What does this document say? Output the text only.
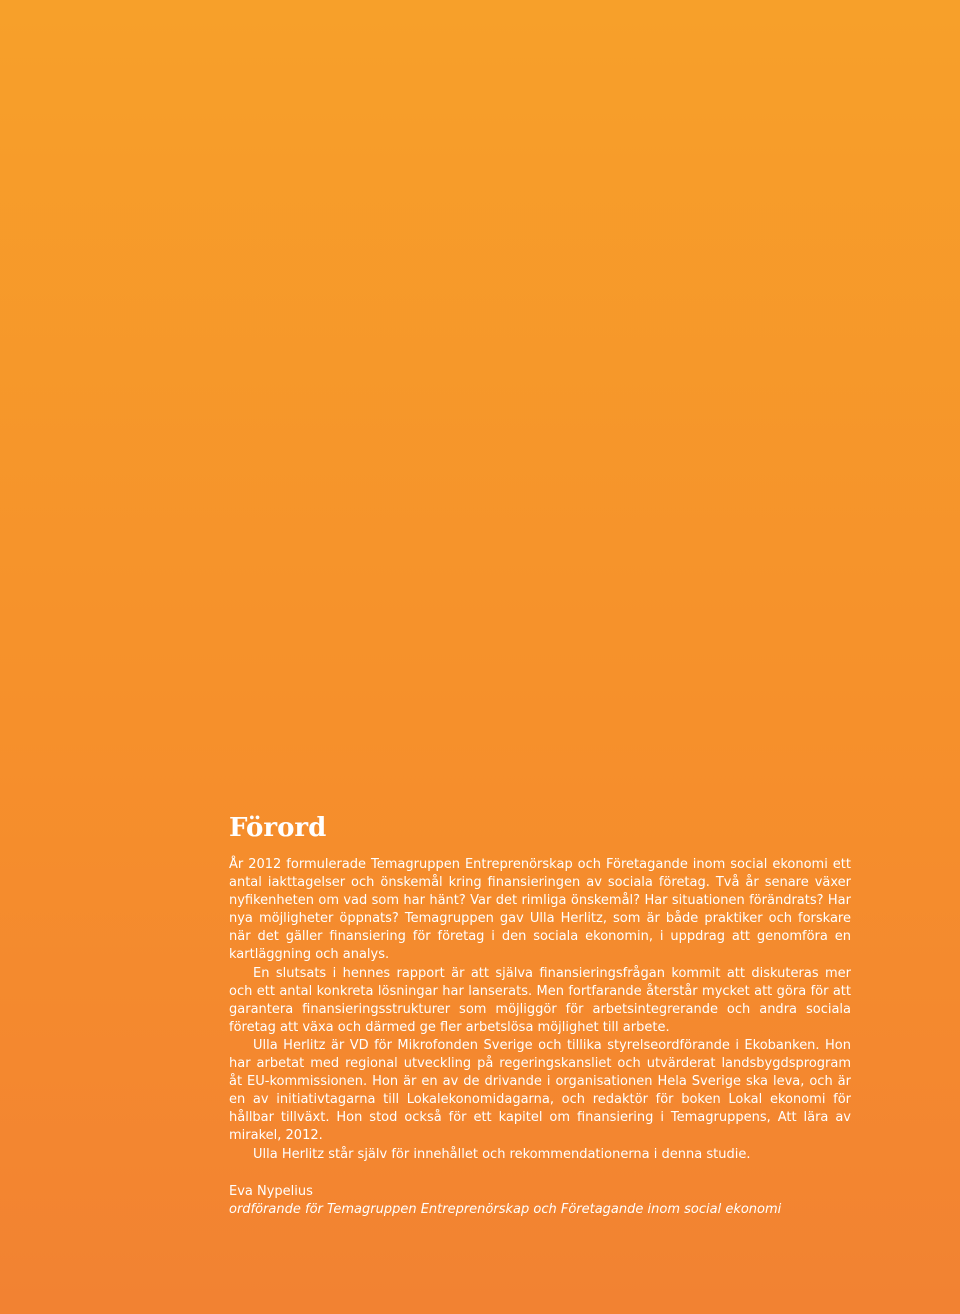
Förord

År 2012 formulerade Temagruppen Entreprenörskap och Företagande inom social ekonomi ett antal iakttagelser och önskemål kring finansieringen av sociala företag. Två år senare växer nyfikenheten om vad som har hänt? Var det rimliga önskemål? Har situationen förändrats? Har nya möjligheter öppnats? Temagruppen gav Ulla Herlitz, som är både praktiker och forskare när det gäller finansiering för företag i den sociala ekonomin, i uppdrag att genomföra en kartläggning och analys.

En slutsats i hennes rapport är att själva finansieringsfrågan kommit att diskuteras mer och ett antal konkreta lösningar har lanserats. Men fortfarande återstår mycket att göra för att garantera finansieringsstrukturer som möjliggör för arbetsintegrerande och andra sociala företag att växa och därmed ge fler arbetslösa möjlighet till arbete.

Ulla Herlitz är VD för Mikrofonden Sverige och tillika styrelseordförande i Ekobanken. Hon har arbetat med regional utveckling på regeringskansliet och utvärderat landsbygdsprogram åt EU-kommissionen. Hon är en av de drivande i organisationen Hela Sverige ska leva, och är en av initiativtagarna till Lokalekonomidagarna, och redaktör för boken Lokal ekonomi för hållbar tillväxt. Hon stod också för ett kapitel om finansiering i Temagruppens, Att lära av mirakel, 2012.

Ulla Herlitz står själv för innehållet och rekommendationerna i denna studie.

Eva Nypelius
ordförande för Temagruppen Entreprenörskap och Företagande inom social ekonomi
